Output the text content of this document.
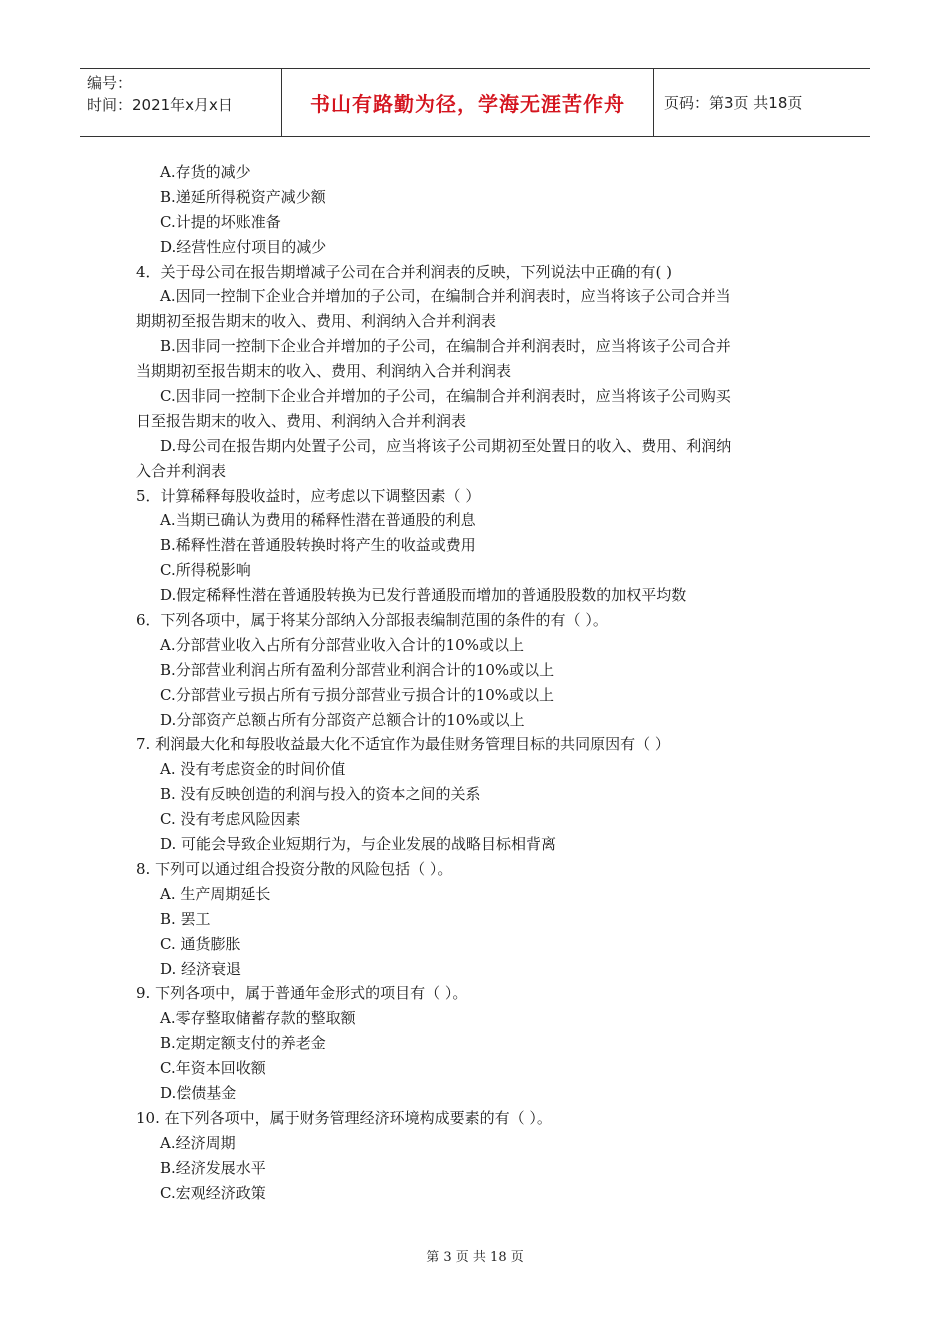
编号：
时间：2021年x月x日	书山有路勤为径，学海无涯苦作舟	页码：第3页 共18页
A.存货的减少
B.递延所得税资产减少额
C.计提的坏账准备
D.经营性应付项目的减少
4．关于母公司在报告期增减子公司在合并利润表的反映，下列说法中正确的有( )
A.因同一控制下企业合并增加的子公司，在编制合并利润表时，应当将该子公司合并当
期期初至报告期末的收入、费用、利润纳入合并利润表
B.因非同一控制下企业合并增加的子公司，在编制合并利润表时，应当将该子公司合并
当期期初至报告期末的收入、费用、利润纳入合并利润表
C.因非同一控制下企业合并增加的子公司，在编制合并利润表时，应当将该子公司购买
日至报告期末的收入、费用、利润纳入合并利润表
D.母公司在报告期内处置子公司，应当将该子公司期初至处置日的收入、费用、利润纳
入合并利润表
5．计算稀释每股收益时，应考虑以下调整因素（ ）
A.当期已确认为费用的稀释性潜在普通股的利息
B.稀释性潜在普通股转换时将产生的收益或费用
C.所得税影响
D.假定稀释性潜在普通股转换为已发行普通股而增加的普通股股数的加权平均数
6．下列各项中，属于将某分部纳入分部报表编制范围的条件的有（ ）。
A.分部营业收入占所有分部营业收入合计的10%或以上
B.分部营业利润占所有盈利分部营业利润合计的10%或以上
C.分部营业亏损占所有亏损分部营业亏损合计的10%或以上
D.分部资产总额占所有分部资产总额合计的10%或以上
7. 利润最大化和每股收益最大化不适宜作为最佳财务管理目标的共同原因有（ ）
A. 没有考虑资金的时间价值
B. 没有反映创造的利润与投入的资本之间的关系
C. 没有考虑风险因素
D. 可能会导致企业短期行为，与企业发展的战略目标相背离
8. 下列可以通过组合投资分散的风险包括（ ）。
A. 生产周期延长
B. 罢工
C. 通货膨胀
D. 经济衰退
9. 下列各项中，属于普通年金形式的项目有（ ）。
A.零存整取储蓄存款的整取额
B.定期定额支付的养老金
C.年资本回收额
D.偿债基金
10. 在下列各项中，属于财务管理经济环境构成要素的有（ ）。
A.经济周期
B.经济发展水平
C.宏观经济政策
第 3 页 共 18 页
